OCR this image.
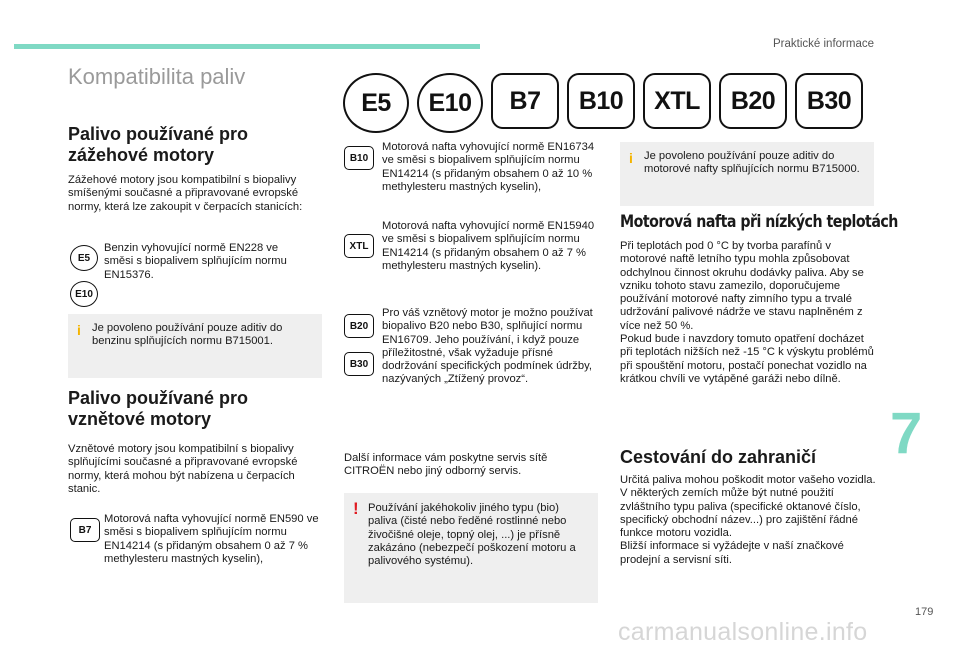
Praktické informace
Kompatibilita paliv
E5	E10	B7	B10	XTL	B20	B30
Palivo používané pro zážehové motory
Zážehové motory jsou kompatibilní s biopalivy smíšenými současné a připravované evropské normy, která lze zakoupit v čerpacích stanicích:
E5
E10
Benzin vyhovující normě EN228 ve směsi s biopalivem splňujícím normu EN15376.
i Je povoleno používání pouze aditiv do benzinu splňujících normu B715001.
Palivo používané pro vznětové motory
Vznětové motory jsou kompatibilní s biopalivy splňujícími současné a připravované evropské normy, která mohou být nabízena u čerpacích stanic.
B7
Motorová nafta vyhovující normě EN590 ve směsi s biopalivem splňujícím normu EN14214 (s přidaným obsahem 0 až 7 % methylesteru mastných kyselin),
B10
Motorová nafta vyhovující normě EN16734 ve směsi s biopalivem splňujícím normu EN14214 (s přidaným obsahem 0 až 10 % methylesteru mastných kyselin),
XTL
Motorová nafta vyhovující normě EN15940 ve směsi s biopalivem splňujícím normu EN14214 (s přidaným obsahem 0 až 7 % methylesteru mastných kyselin).
B20
B30
Pro váš vznětový motor je možno používat biopalivo B20 nebo B30, splňující normu EN16709. Jeho používání, i když pouze příležitostné, však vyžaduje přísné dodržování specifických podmínek údržby, nazývaných „Ztížený provoz“.
Další informace vám poskytne servis sítě CITROËN nebo jiný odborný servis.
! Používání jakéhokoliv jiného typu (bio) paliva (čisté nebo ředěné rostlinné nebo živočišné oleje, topný olej, ...) je přísně zakázáno (nebezpečí poškození motoru a palivového systému).
i Je povoleno používání pouze aditiv do motorové nafty splňujících normu B715000.
Motorová nafta při nízkých teplotách
Při teplotách pod 0 °C by tvorba parafínů v motorové naftě letního typu mohla způsobovat odchylnou činnost okruhu dodávky paliva. Aby se vzniku tohoto stavu zamezilo, doporučujeme používání motorové nafty zimního typu a trvalé udržování palivové nádrže ve stavu naplněném z více než 50 %.
Pokud bude i navzdory tomuto opatření docházet při teplotách nižších než -15 °C k výskytu problémů při spouštění motoru, postačí ponechat vozidlo na krátkou chvíli ve vytápěné garáži nebo dílně.
Cestování do zahraničí
Určitá paliva mohou poškodit motor vašeho vozidla.
V některých zemích může být nutné použití zvláštního typu paliva (specifické oktanové číslo, specifický obchodní název...) pro zajištění řádné funkce motoru vozidla.
Bližší informace si vyžádejte v naší značkové prodejní a servisní síti.
7
179
carmanualsonline.info
